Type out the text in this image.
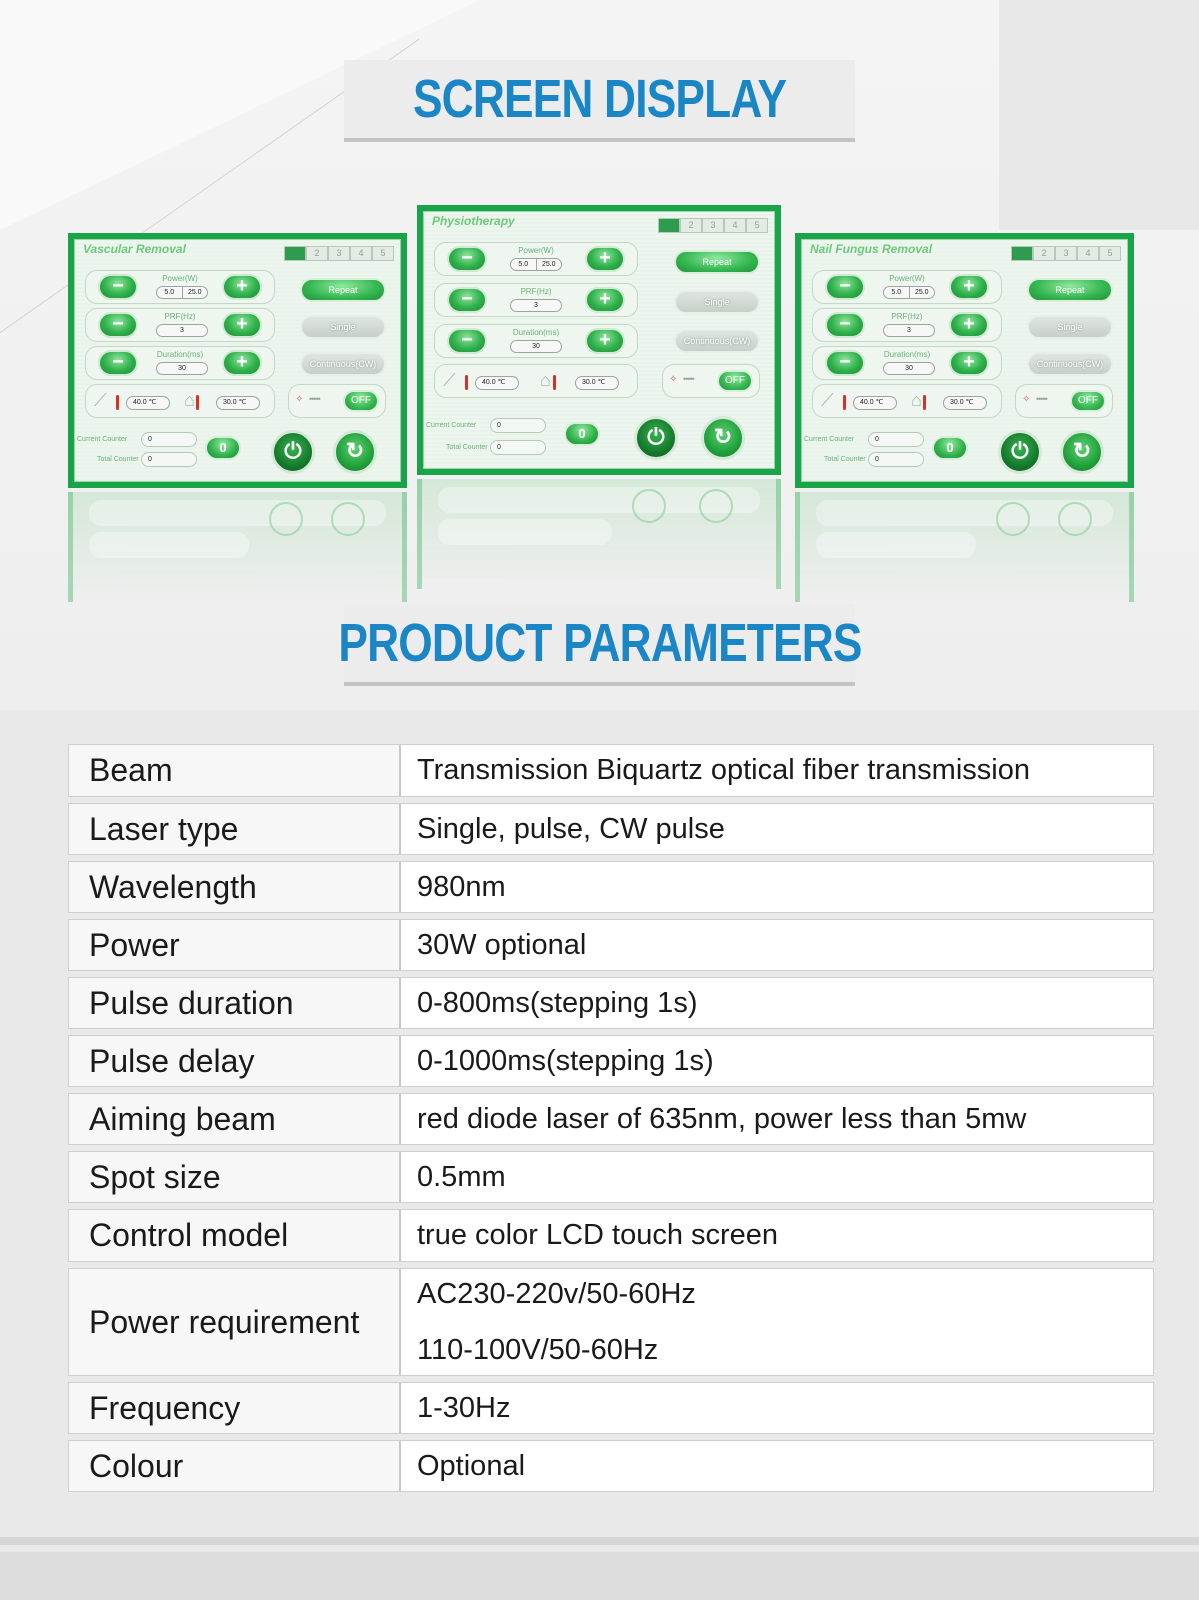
SCREEN DISPLAY
Vascular Removal	1	2	3	4	5
−	Power(W)
5.0	25.0	+
−	PRF(Hz)
3	+
−	Duration(ms)
30	+
Repeat
Single
Continuous(CW)
⟋	40.0 ℃	⌂	30.0 ℃	✧ •••••	OFF
Current Counter	0
Total Counter	0
0	⏻	↻
Physiotherapy	1	2	3	4	5
−	Power(W)
5.0	25.0	+
−	PRF(Hz)
3	+
−	Duration(ms)
30	+
Repeat
Single
Continuous(CW)
⟋	40.0 ℃	⌂	30.0 ℃	✧ •••••	OFF
Current Counter	0
Total Counter	0
0	⏻	↻
Nail Fungus Removal	1	2	3	4	5
−	Power(W)
5.0	25.0	+
−	PRF(Hz)
3	+
−	Duration(ms)
30	+
Repeat
Single
Continuous(CW)
⟋	40.0 ℃	⌂	30.0 ℃	✧ •••••	OFF
Current Counter	0
Total Counter	0
0	⏻	↻
PRODUCT PARAMETERS
Beam	Transmission Biquartz optical fiber transmission
Laser type	Single, pulse, CW pulse
Wavelength	980nm
Power	30W optional
Pulse duration	0-800ms(stepping 1s)
Pulse delay	0-1000ms(stepping 1s)
Aiming beam	red diode laser of 635nm, power less than 5mw
Spot size	0.5mm
Control model	true color LCD touch screen
Power requirement
AC230-220v/50-60Hz
110-100V/50-60Hz
Frequency	1-30Hz
Colour	Optional
